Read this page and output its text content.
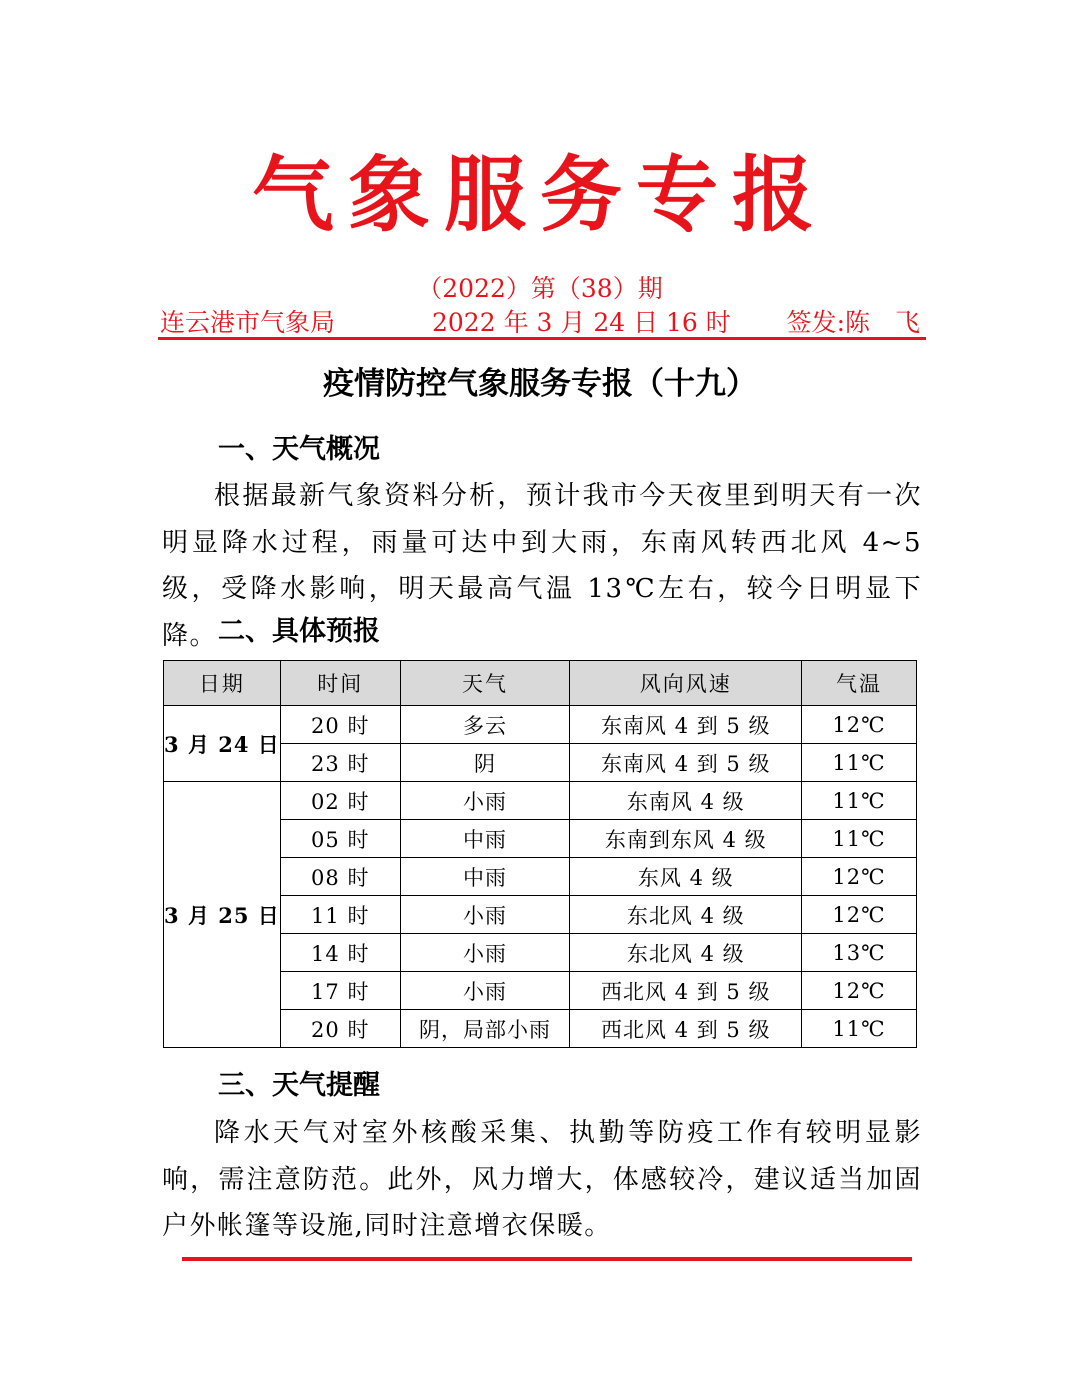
气象服务专报
（2022）第（38）期
连云港市气象局	2022 年 3 月 24 日 16 时 签发:陈　飞
疫情防控气象服务专报（十九）
一、天气概况
根据最新气象资料分析，预计我市今天夜里到明天有一次明显降水过程，雨量可达中到大雨，东南风转西北风 4~5 级，受降水影响，明天最高气温 13℃左右，较今日明显下降。 二、具体预报
日期	时间	天气	风向风速	气温
3 月 24 日	20 时	多云	东南风 4 到 5 级	12℃
	23 时	阴	东南风 4 到 5 级	11℃
3 月 25 日	02 时	小雨	东南风 4 级	11℃
	05 时	中雨	东南到东风 4 级	11℃
	08 时	中雨	东风 4 级	12℃
	11 时	小雨	东北风 4 级	12℃
	14 时	小雨	东北风 4 级	13℃
	17 时	小雨	西北风 4 到 5 级	12℃
	20 时	阴，局部小雨	西北风 4 到 5 级	11℃
三、天气提醒
降水天气对室外核酸采集、执勤等防疫工作有较明显影响，需注意防范。此外，风力增大，体感较冷，建议适当加固户外帐篷等设施,同时注意增衣保暖。
